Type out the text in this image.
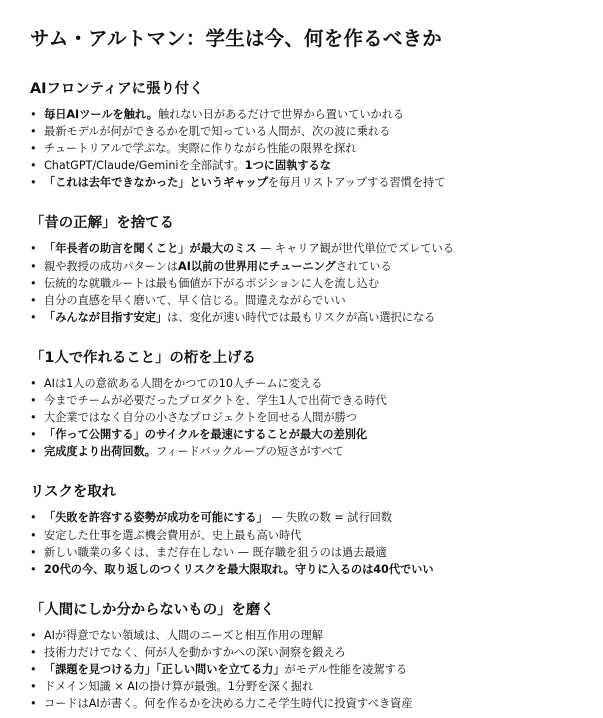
サム・アルトマン：学生は今、何を作るべきか
AIフロンティアに張り付く
• 毎日AIツールを触れ。触れない日があるだけで世界から置いていかれる
• 最新モデルが何ができるかを肌で知っている人間が、次の波に乗れる
• チュートリアルで学ぶな。実際に作りながら性能の限界を探れ
• ChatGPT/Claude/Geminiを全部試す。1つに固執するな
• 「これは去年できなかった」というギャップを毎月リストアップする習慣を持て
「昔の正解」を捨てる
• 「年長者の助言を聞くこと」が最大のミス — キャリア観が世代単位でズレている
• 親や教授の成功パターンはAI以前の世界用にチューニングされている
• 伝統的な就職ルートは最も価値が下がるポジションに人を流し込む
• 自分の直感を早く磨いて、早く信じる。間違えながらでいい
• 「みんなが目指す安定」は、変化が速い時代では最もリスクが高い選択になる
「1人で作れること」の桁を上げる
• AIは1人の意欲ある人間をかつての10人チームに変える
• 今までチームが必要だったプロダクトを、学生1人で出荷できる時代
• 大企業ではなく自分の小さなプロジェクトを回せる人間が勝つ
• 「作って公開する」のサイクルを最速にすることが最大の差別化
• 完成度より出荷回数。フィードバックループの短さがすべて
リスクを取れ
• 「失敗を許容する姿勢が成功を可能にする」 — 失敗の数 = 試行回数
• 安定した仕事を選ぶ機会費用が、史上最も高い時代
• 新しい職業の多くは、まだ存在しない — 既存職を狙うのは過去最適
• 20代の今、取り返しのつくリスクを最大限取れ。守りに入るのは40代でいい
「人間にしか分からないもの」を磨く
• AIが得意でない領域は、人間のニーズと相互作用の理解
• 技術力だけでなく、何が人を動かすかへの深い洞察を鍛えろ
• 「課題を見つける力」「正しい問いを立てる力」がモデル性能を凌駕する
• ドメイン知識 × AIの掛け算が最強。1分野を深く掘れ
• コードはAIが書く。何を作るかを決める力こそ学生時代に投資すべき資産
